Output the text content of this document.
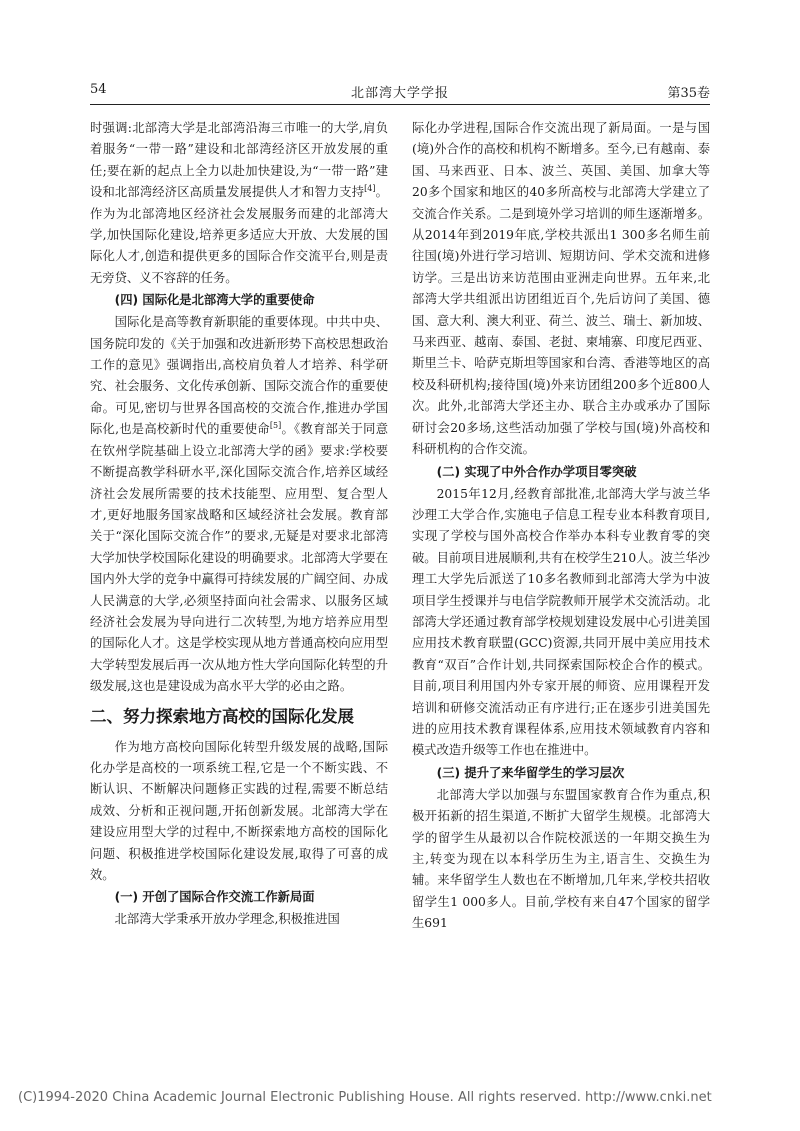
54	北部湾大学学报	第35卷

时强调:北部湾大学是北部湾沿海三市唯一的大学,肩负着服务“一带一路”建设和北部湾经济区开放发展的重任;要在新的起点上全力以赴加快建设,为“一带一路”建设和北部湾经济区高质量发展提供人才和智力支持[4]。作为为北部湾地区经济社会发展服务而建的北部湾大学,加快国际化建设,培养更多适应大开放、大发展的国际化人才,创造和提供更多的国际合作交流平台,则是责无旁贷、义不容辞的任务。

(四) 国际化是北部湾大学的重要使命

国际化是高等教育新职能的重要体现。中共中央、国务院印发的《关于加强和改进新形势下高校思想政治工作的意见》强调指出,高校肩负着人才培养、科学研究、社会服务、文化传承创新、国际交流合作的重要使命。可见,密切与世界各国高校的交流合作,推进办学国际化,也是高校新时代的重要使命[5]。《教育部关于同意在钦州学院基础上设立北部湾大学的函》要求:学校要不断提高教学科研水平,深化国际交流合作,培养区域经济社会发展所需要的技术技能型、应用型、复合型人才,更好地服务国家战略和区域经济社会发展。教育部关于“深化国际交流合作”的要求,无疑是对要求北部湾大学加快学校国际化建设的明确要求。北部湾大学要在国内外大学的竞争中赢得可持续发展的广阔空间、办成人民满意的大学,必须坚持面向社会需求、以服务区域经济社会发展为导向进行二次转型,为地方培养应用型的国际化人才。这是学校实现从地方普通高校向应用型大学转型发展后再一次从地方性大学向国际化转型的升级发展,这也是建设成为高水平大学的必由之路。

二、努力探索地方高校的国际化发展

作为地方高校向国际化转型升级发展的战略,国际化办学是高校的一项系统工程,它是一个不断实践、不断认识、不断解决问题修正实践的过程,需要不断总结成效、分析和正视问题,开拓创新发展。北部湾大学在建设应用型大学的过程中,不断探索地方高校的国际化问题、积极推进学校国际化建设发展,取得了可喜的成效。

(一) 开创了国际合作交流工作新局面

北部湾大学秉承开放办学理念,积极推进国

际化办学进程,国际合作交流出现了新局面。一是与国(境)外合作的高校和机构不断增多。至今,已有越南、泰国、马来西亚、日本、波兰、英国、美国、加拿大等20多个国家和地区的40多所高校与北部湾大学建立了交流合作关系。二是到境外学习培训的师生逐渐增多。从2014年到2019年底,学校共派出1 300多名师生前往国(境)外进行学习培训、短期访问、学术交流和进修访学。三是出访来访范围由亚洲走向世界。五年来,北部湾大学共组派出访团组近百个,先后访问了美国、德国、意大利、澳大利亚、荷兰、波兰、瑞士、新加坡、马来西亚、越南、泰国、老挝、柬埔寨、印度尼西亚、斯里兰卡、哈萨克斯坦等国家和台湾、香港等地区的高校及科研机构;接待国(境)外来访团组200多个近800人次。此外,北部湾大学还主办、联合主办或承办了国际研讨会20多场,这些活动加强了学校与国(境)外高校和科研机构的合作交流。

(二) 实现了中外合作办学项目零突破

2015年12月,经教育部批准,北部湾大学与波兰华沙理工大学合作,实施电子信息工程专业本科教育项目,实现了学校与国外高校合作举办本科专业教育零的突破。目前项目进展顺利,共有在校学生210人。波兰华沙理工大学先后派送了10多名教师到北部湾大学为中波项目学生授课并与电信学院教师开展学术交流活动。北部湾大学还通过教育部学校规划建设发展中心引进美国应用技术教育联盟(GCC)资源,共同开展中美应用技术教育“双百”合作计划,共同探索国际校企合作的模式。目前,项目利用国内外专家开展的师资、应用课程开发培训和研修交流活动正有序进行;正在逐步引进美国先进的应用技术教育课程体系,应用技术领域教育内容和模式改造升级等工作也在推进中。

(三) 提升了来华留学生的学习层次

北部湾大学以加强与东盟国家教育合作为重点,积极开拓新的招生渠道,不断扩大留学生规模。北部湾大学的留学生从最初以合作院校派送的一年期交换生为主,转变为现在以本科学历生为主,语言生、交换生为辅。来华留学生人数也在不断增加,几年来,学校共招收留学生1 000多人。目前,学校有来自47个国家的留学生691

(C)1994-2020 China Academic Journal Electronic Publishing House. All rights reserved. http://www.cnki.net
